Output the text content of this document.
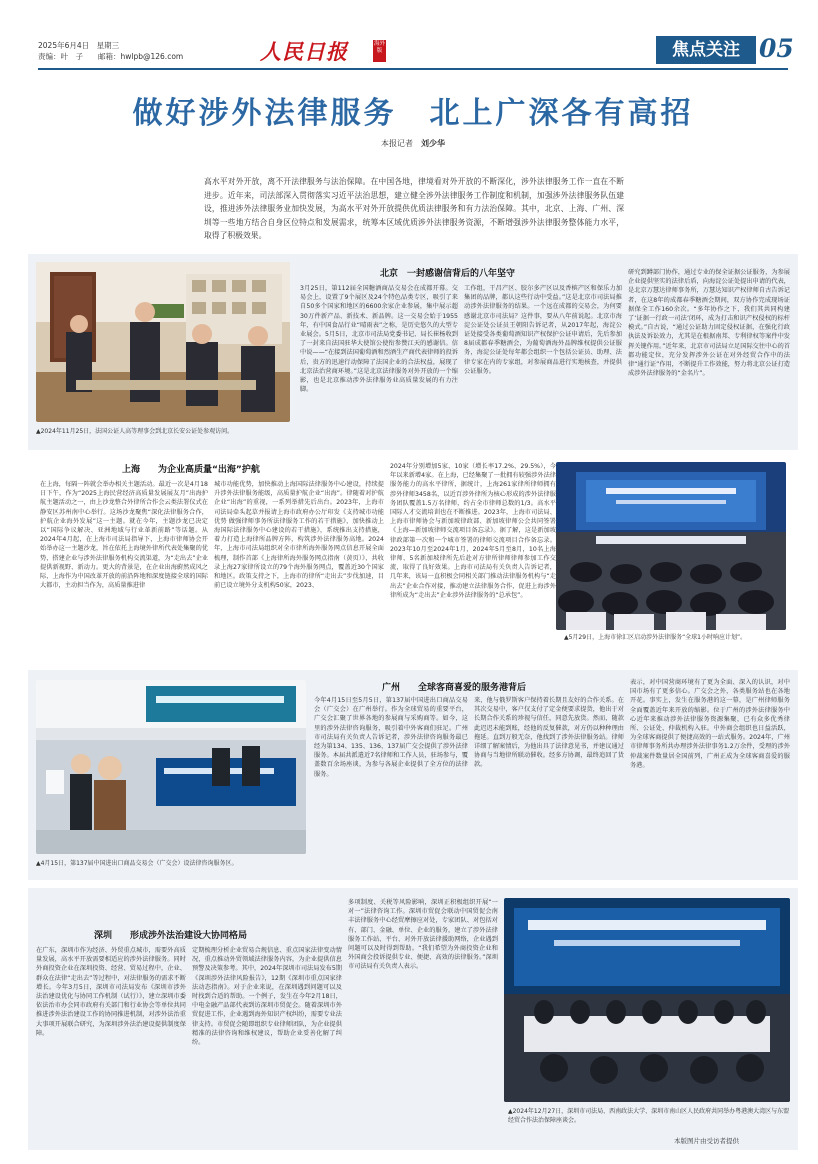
2025年6月4日　星期三
责编：叶　子　　邮箱：hwlpb@126.com	人民日报	海外版	焦点关注 05
做好涉外法律服务　北上广深各有高招
本报记者　 刘少华
高水平对外开放，离不开法律服务与法治保障。在中国各地，律境看对外开放的不断深化，涉外法律服务工作一直在不断进步。近年来，司法部深入贯彻落实习近平法治思想，建立健全涉外法律服务工作制度和机制，加强涉外法律服务队伍建设，推进涉外法律服务业加快发展，为高水平对外开放提供优质法律服务和有力法治保障。其中，北京、上海、广州、深圳等一些地方结合自身区位特点和发展需求，统筹本区域优质涉外法律服务资源，不断增强涉外法律服务整体能力水平，取得了积极效果。
▲2024年11月25日，法国公证人高等理事会到北京长安公证处参观访问。
北京　一封感谢信背后的八年坚守
3月25日，第112届全国糖酒商品交易会在成都开幕。交易会上，设置了9个展区及24个特色品类专区，吸引了来自50多个国家和地区的6600余家企业参展，集中展示超30万件新产品、新技术、新品牌。这一交易会始于1955年，有中国食品行业“晴雨表”之称，是历史悠久的大型专业展会。5月5日，北京市司法局党委书记、局长崔杨收到了一封来自法国驻华大使馆公使衔参赞江天的感谢信。信中说——“在接到法国葡萄酒和烈酒生产商代表律师的投诉后，贵方的迅速行动保障了法国企业的合法权益，展现了北京法治营商环境。”这是北京法律服务对外开放的一个缩影，也是北京推动涉外法律服务业高质量发展的有力注脚。
工作组，干昌产区、胶尔多产区以及香槟产区和保乐力加集团的品牌，都认这些行动中受益。”这是北京市司法局推动涉外法律服务的结果。一个远在成都的交易会，为何要感谢北京市司法局？这件事，要从八年前说起。北京市海淀公证处公证员王朝阳告诉记者，从2017年起，海淀公证处接受各类葡萄酒知识产权保护公证申请后，先后参加8届成都春季糖酒会，为葡萄酒海外品牌维权提供公证服务，海淀公证处每年都会组织一个包括公证员、助理、法律专家在内的专家组，对参展商品进行实地核查，并提供公证服务。
研究到蹲部门协作，通过专业的保全证据公证服务，为参展企业提供坚实的法律后盾，向海淀公证处提出申请的代表，是北京万慧达律师事务所，万慧达知识产权律师自古告诉记者，在这8年的成都春季糖酒会期间，双方协作完成现场证据保全工作160余次。“多年协作之下，我们其共同构建了‘证据一行政一司法’闭环，成为打击和识产权侵权的标杆模式。”自古说，“通过公证助力固定侵权证据，在强化行政执法及诉讼效力，尤其是在根据南邦、专利律权等案件中发挥关键作用。”近年来，北京市司法局立足国际交往中心的首都功能定位，充分发挥涉外公证在对外经贸合作中的法律“通行证”作用，不断提升工作效能，努力将北京公证打造成涉外法律服务的“金名片”。
上海　　为企业高质量“出海”护航
在上海，每隔一阵就会举办相关主题活动。最近一次是4月18日下午，作为“2025上海民营经济高质量发展展友月”出海护航主题活动之一，由上沙龙整合外律所合作会云类法署仪式在静安区苏州南中心举行。这场沙龙聚焦“深化法律服务合作，护航企业海外发展”这一主题。就在今年，主题沙龙已决定以“国际争议解决、亚洲地域与行业革新前路”等话题。从2024年4月起，在上海市司法局指导下，上海市律师协会开始举办这一主题沙龙，旨在依托上海境外律所代表处集聚的优势，搭建企业与涉外法律服务机构交流渠道，为“走出去”企业提供新视野、新动力。更大的背景是，在企业出海蔚然成风之际，上海作为中国改革开放的前沿阵地和深度链接全球的国际大都市，主动担当作为，高质量推进律
城市功能优势，加快推动上海国际法律服务中心建设，持续提升涉外法律服务能级，高质量护航企业“出海”。律随着对护航企业“出海”的重视，一系列举措先后出台。2023年，上海市司法局牵头起草并报请上海市政府办公厅印发《支持城市功能优势 做强律师事务所法律服务工作的若干措施》，加快推动上海国际法律服务中心建设的若干措施》，系统推出支持措施，着力打造上海律所品牌方阵，构筑涉外法律服务高地。2024年，上海市司法局组织对全市律所海外服务网点信息开展全面梳理，制作首部《上海律所海外服务网点指南（黄页）》，共收录上海27家律所设立的79个海外服务网点，覆盖近30个国家和地区。政策支持之下，上海市的律所“走出去”步伐加速，目前已设立境外分支机构50家，2023、
2024年分别增加5家、10家（增长率17.2%、29.5%），今年以来新增4家。在上海，已经集聚了一批拥有较强涉外法律服务能力的高水平律所，据统计，上海261家律所律师拥有涉外律师3458名，以近百涉外律所为核心形成的涉外法律服务团队覆盖1.5万名律师，约占全市律师总数的1/3。高水平国际人才交流培训也在不断推进。2023年，上海市司法局、上海市律师协会与新加坡律政部、新加坡律师公会共同签署《上海—新加坡律师交流项目备忘录》。据了解，这是新加坡律政部第一次和一个城市签署的律师交流项目合作备忘录。2023年10月至2024年1月，2024年5月至8月，10名上海律师、5名新加坡律所先后赴对方律所律师律师参加工作交流，取得了良好效果。上海市司法局有关负责人告诉记者，几年来，该局一直积极会同相关部门推动法律服务机构与“走出去”企业合作对接，推动建立法律服务合作，促进上海涉外律所成为“走出去”企业涉外法律服务的“总承包”。
▲5月29日，上海市徐汇区启动涉外法律服务“全球1小时响应计划”。
▲4月15日，第137届中国进出口商品交易会（广交会）设法律咨询服务区。
广州　　全球客商喜爱的服务港背后
今年4月15日至5月5日，第137届中国进出口商品交易会（广交会）在广州举行。作为全球贸易的重要平台，广交会汇聚了世界各地的参展商与采购商等。如今，这里的涉外法律咨询服务，吸引着中外客商们驻足。广州市司法局有关负责人告诉记者，涉外法律咨询服务最已经为第134、135、136、137届广交会提供了涉外法律服务。本届共派遣近7名律师和工作人员，驻场参与，覆盖数百余场座谈，为参与各展企业提供了全方位的法律服务。
来，他与俄罗斯客户保持着长期且友好的合作关系。在其次交易中，客户仅支付了定金便要求提货，他出于对长期合作关系的珍视与信任，同意先放货。然而，随款此迟迟未能到账，经他的反复催款，对方仍以种种理由拖延。直到万般无奈，他找到了涉外法律服务站。律师详细了解案情后，为他出具了法律意见书，并建议通过协商与当地律所联动催收。经多方协调，最终追回了货款。
表示，对中国营商环境有了更为全面、深入的认识，对中国市场有了更多信心。广交会之外，各类服务站也在各地开花。事实上，发生在服务港的这一幕，是广州律师服务全面覆盖近年来开放的缩影。位于广州的涉外法律服务中心近年来推动涉外法律服务资源集聚，已有众多优秀律所、公证处、仲裁机构入驻。中外商会组织也日益活跃，为全球客商提供了便捷高效的一站式服务。2024年，广州市律师事务所共办理涉外法律事务1.2万余件，受理的涉外仲裁案件数量居全国前列，广州正成为全球客商喜爱的服务港。
深圳　　形成涉外法治建设大协同格局
在广东，深圳市作为经济、外贸重点城市，需要外高质量发展，高水平开放需要相适应的涉外法律服务。同时外商投资企业在深圳投资、经营、贸易过程中，企业、群众在法律“走出去”等过程中，对法律服务的需求不断增长。今年3月5日，深圳市司法局发布《深圳市涉外法治建设优化与协同工作机制（试行）》，建立深圳市委依法治市办会同市政府有关部门和行业协会等单位共同推进涉外法治建设工作的协同推进机制，对涉外法治重大事项开展联合研究，为深圳涉外法治建设提供制度保障。
定期梳理分析企业贸易合规信息、重点国家法律变动情况，重点推动外贸领域法律服务内容，为企业提供信息预警及决策参考。其中，2024年深圳市司法局发布5期《深圳涉外法律风险报告》，12期《深圳市重点国家律法动态指南》。对于企业来说，在深圳遇到问题可以及时找到合适的帮助。一个例子，发生在今年2月18日，中电金融产品部代表到访深圳市贸促会。随着深圳市外贸促进工作，企业遇到海外知识产权纠纷，需要专业法律支持。市贸促会随即组织专业律师团队，为企业提供精准的法律咨询和维权建议，帮助企业妥善化解了纠纷。
多项制度、关税等风险影响，深圳正积极组织开展“一对一”法律咨询工作。深圳市贸促会联动中国贸促会南丰法律服务中心经贸摩擦应对处，专家团队、对包括对有、部门、金融、单位、企业的服务，建立了涉外法律服务工作站、平台、对外开放法律援助网络，企业遇到问题可以及时得到帮助。“我们希望为外商投资企业和外国商会投诉提供专业、便捷、高效的法律服务。”深圳市司法局有关负责人表示。
▲2024年12月27日，深圳市司法局、西南政法大学、深圳市南山区人民政府共同举办粤港澳大湾区与东盟经贸合作法治保障座谈会。
本版图片由受访者提供
